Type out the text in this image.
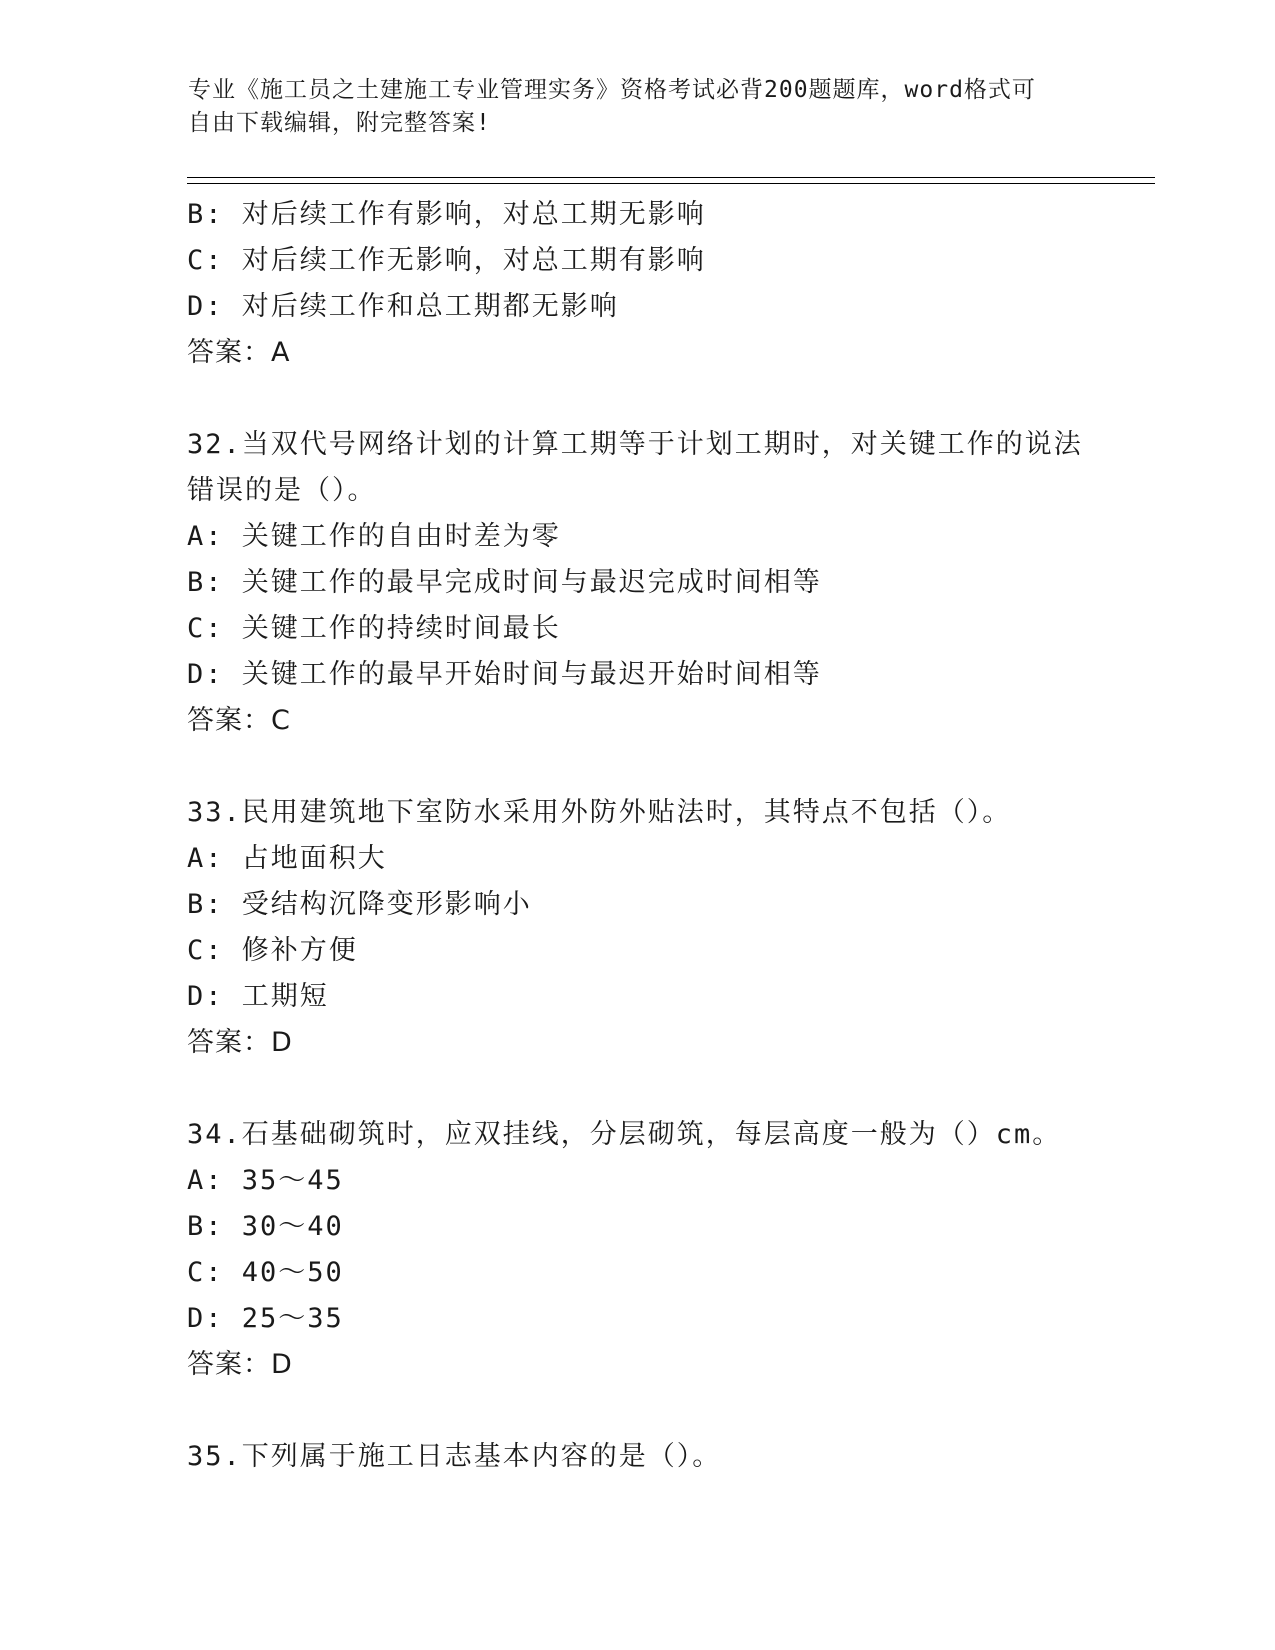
专业《施工员之土建施工专业管理实务》资格考试必背200题题库，word格式可
自由下载编辑，附完整答案!
B: 对后续工作有影响，对总工期无影响
C: 对后续工作无影响，对总工期有影响
D: 对后续工作和总工期都无影响
答案：A
32.当双代号网络计划的计算工期等于计划工期时，对关键工作的说法
错误的是（）。
A: 关键工作的自由时差为零
B: 关键工作的最早完成时间与最迟完成时间相等
C: 关键工作的持续时间最长
D: 关键工作的最早开始时间与最迟开始时间相等
答案：C
33.民用建筑地下室防水采用外防外贴法时，其特点不包括（）。
A: 占地面积大
B: 受结构沉降变形影响小
C: 修补方便
D: 工期短
答案：D
34.石基础砌筑时，应双挂线，分层砌筑，每层高度一般为（）cm。
A: 35～45
B: 30～40
C: 40～50
D: 25～35
答案：D
35.下列属于施工日志基本内容的是（）。
